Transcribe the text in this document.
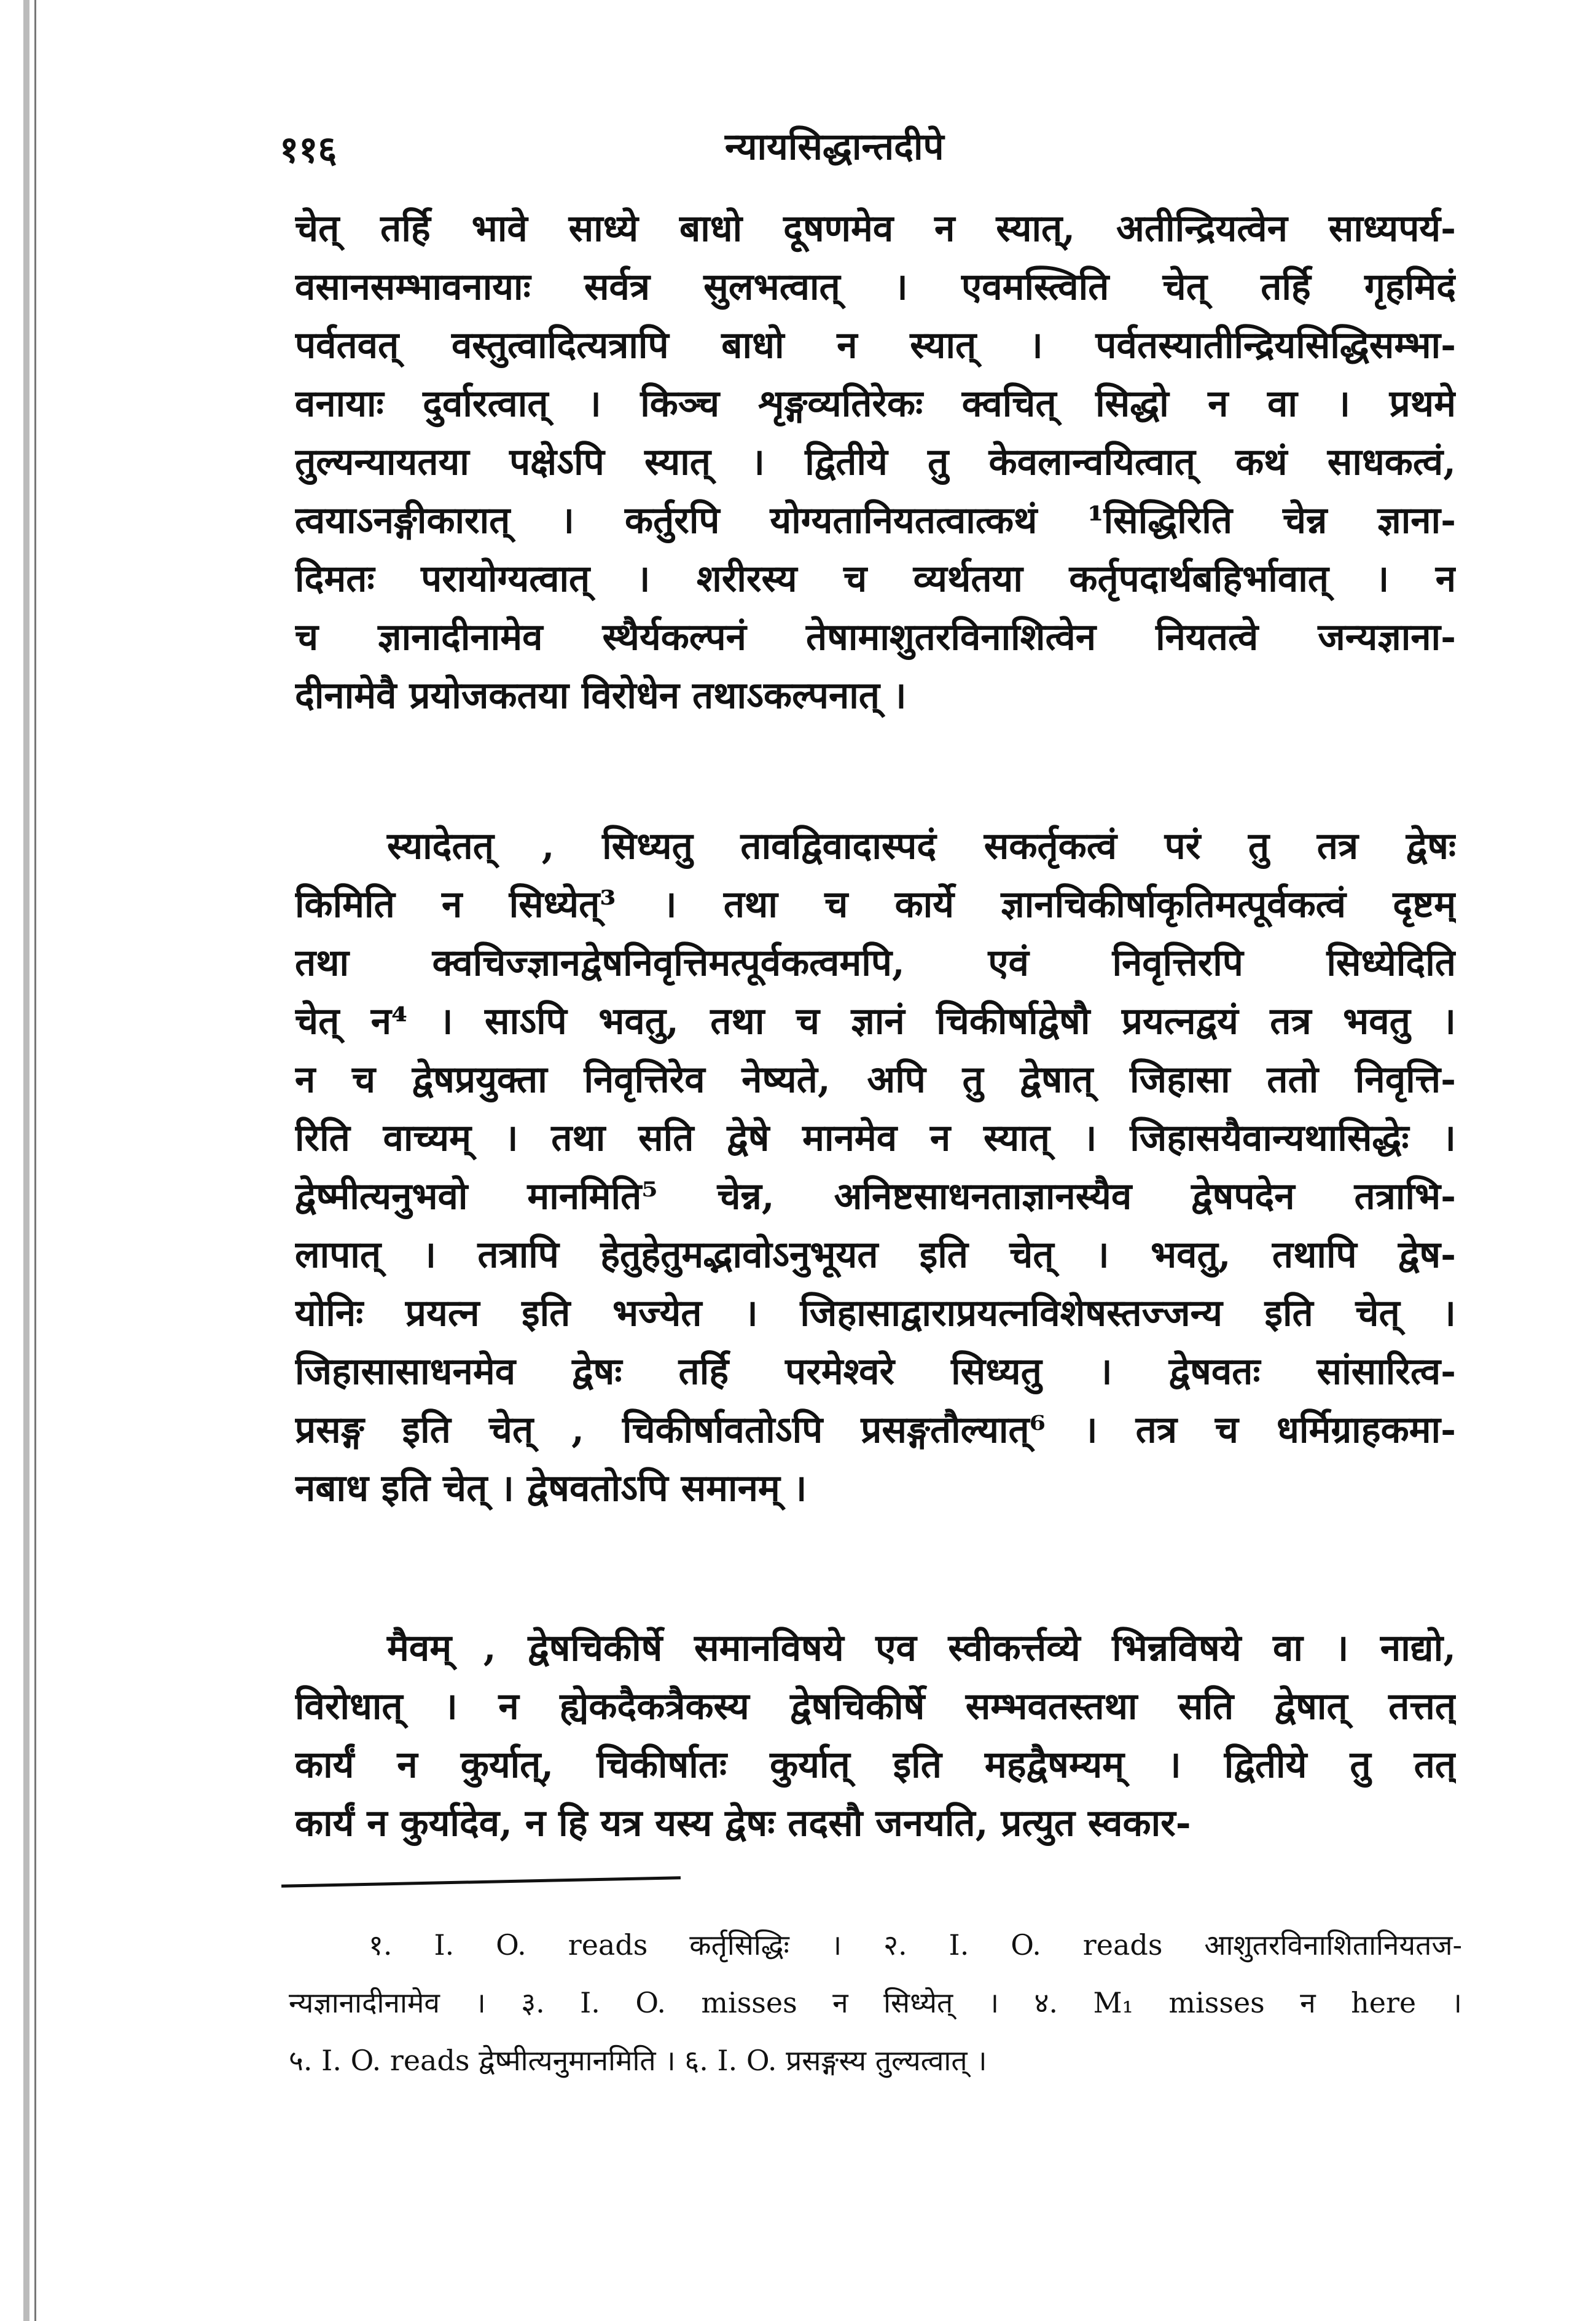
११६	न्यायसिद्धान्तदीपे
चेत् तर्हि भावे साध्ये बाधो दूषणमेव न स्यात्, अतीन्द्रियत्वेन साध्यपर्य-
वसानसम्भावनायाः सर्वत्र सुलभत्वात् । एवमस्त्विति चेत् तर्हि गृहमिदं
पर्वतवत् वस्तुत्वादित्यत्रापि बाधो न स्यात् । पर्वतस्यातीन्द्रियसिद्धिसम्भा-
वनायाः दुर्वारत्वात् । किञ्च शृङ्गव्यतिरेकः क्वचित् सिद्धो न वा । प्रथमे
तुल्यन्यायतया पक्षेऽपि स्यात् । द्वितीये तु केवलान्वयित्वात् कथं साधकत्वं,
त्वयाऽनङ्गीकारात् । कर्तुरपि योग्यतानियतत्वात्कथं ¹सिद्धिरिति चेन्न ज्ञाना-
दिमतः परायोग्यत्वात् । शरीरस्य च व्यर्थतया कर्तृपदार्थबहिर्भावात् । न
च ज्ञानादीनामेव स्थैर्यकल्पनं तेषामाशुतरविनाशित्वेन नियतत्वे जन्यज्ञाना-
दीनामेवै प्रयोजकतया विरोधेन तथाऽकल्पनात् ।
स्यादेतत् , सिध्यतु तावद्विवादास्पदं सकर्तृकत्वं परं तु तत्र द्वेषः
किमिति न सिध्येत्³ । तथा च कार्ये ज्ञानचिकीर्षाकृतिमत्पूर्वकत्वं दृष्टम्
तथा क्वचिज्ज्ञानद्वेषनिवृत्तिमत्पूर्वकत्वमपि, एवं निवृत्तिरपि सिध्येदिति
चेत् न⁴ । साऽपि भवतु, तथा च ज्ञानं चिकीर्षाद्वेषौ प्रयत्नद्वयं तत्र भवतु ।
न च द्वेषप्रयुक्ता निवृत्तिरेव नेष्यते, अपि तु द्वेषात् जिहासा ततो निवृत्ति-
रिति वाच्यम् । तथा सति द्वेषे मानमेव न स्यात् । जिहासयैवान्यथासिद्धेः ।
द्वेष्मीत्यनुभवो मानमिति⁵ चेन्न, अनिष्टसाधनताज्ञानस्यैव द्वेषपदेन तत्राभि-
लापात् । तत्रापि हेतुहेतुमद्भावोऽनुभूयत इति चेत् । भवतु, तथापि द्वेष-
योनिः प्रयत्न इति भज्येत । जिहासाद्वाराप्रयत्नविशेषस्तज्जन्य इति चेत् ।
जिहासासाधनमेव द्वेषः तर्हि परमेश्वरे सिध्यतु । द्वेषवतः सांसारित्व-
प्रसङ्ग इति चेत् , चिकीर्षावतोऽपि प्रसङ्गतौल्यात्⁶ । तत्र च धर्मिग्राहकमा-
नबाध इति चेत् । द्वेषवतोऽपि समानम् ।
मैवम् , द्वेषचिकीर्षे समानविषये एव स्वीकर्त्तव्ये भिन्नविषये वा । नाद्यो,
विरोधात् । न ह्येकदैकत्रैकस्य द्वेषचिकीर्षे सम्भवतस्तथा सति द्वेषात् तत्तत्
कार्यं न कुर्यात्, चिकीर्षातः कुर्यात् इति महद्वैषम्यम् । द्वितीये तु तत्
कार्यं न कुर्यादेव, न हि यत्र यस्य द्वेषः तदसौ जनयति, प्रत्युत स्वकार-
१. I. O. reads कर्तृसिद्धिः । २. I. O. reads आशुतरविनाशितानियतज-
न्यज्ञानादीनामेव । ३. I. O. misses न सिध्येत् । ४. M₁ misses न here ।
५. I. O. reads द्वेष्मीत्यनुमानमिति । ६. I. O. प्रसङ्गस्य तुल्यत्वात् ।
